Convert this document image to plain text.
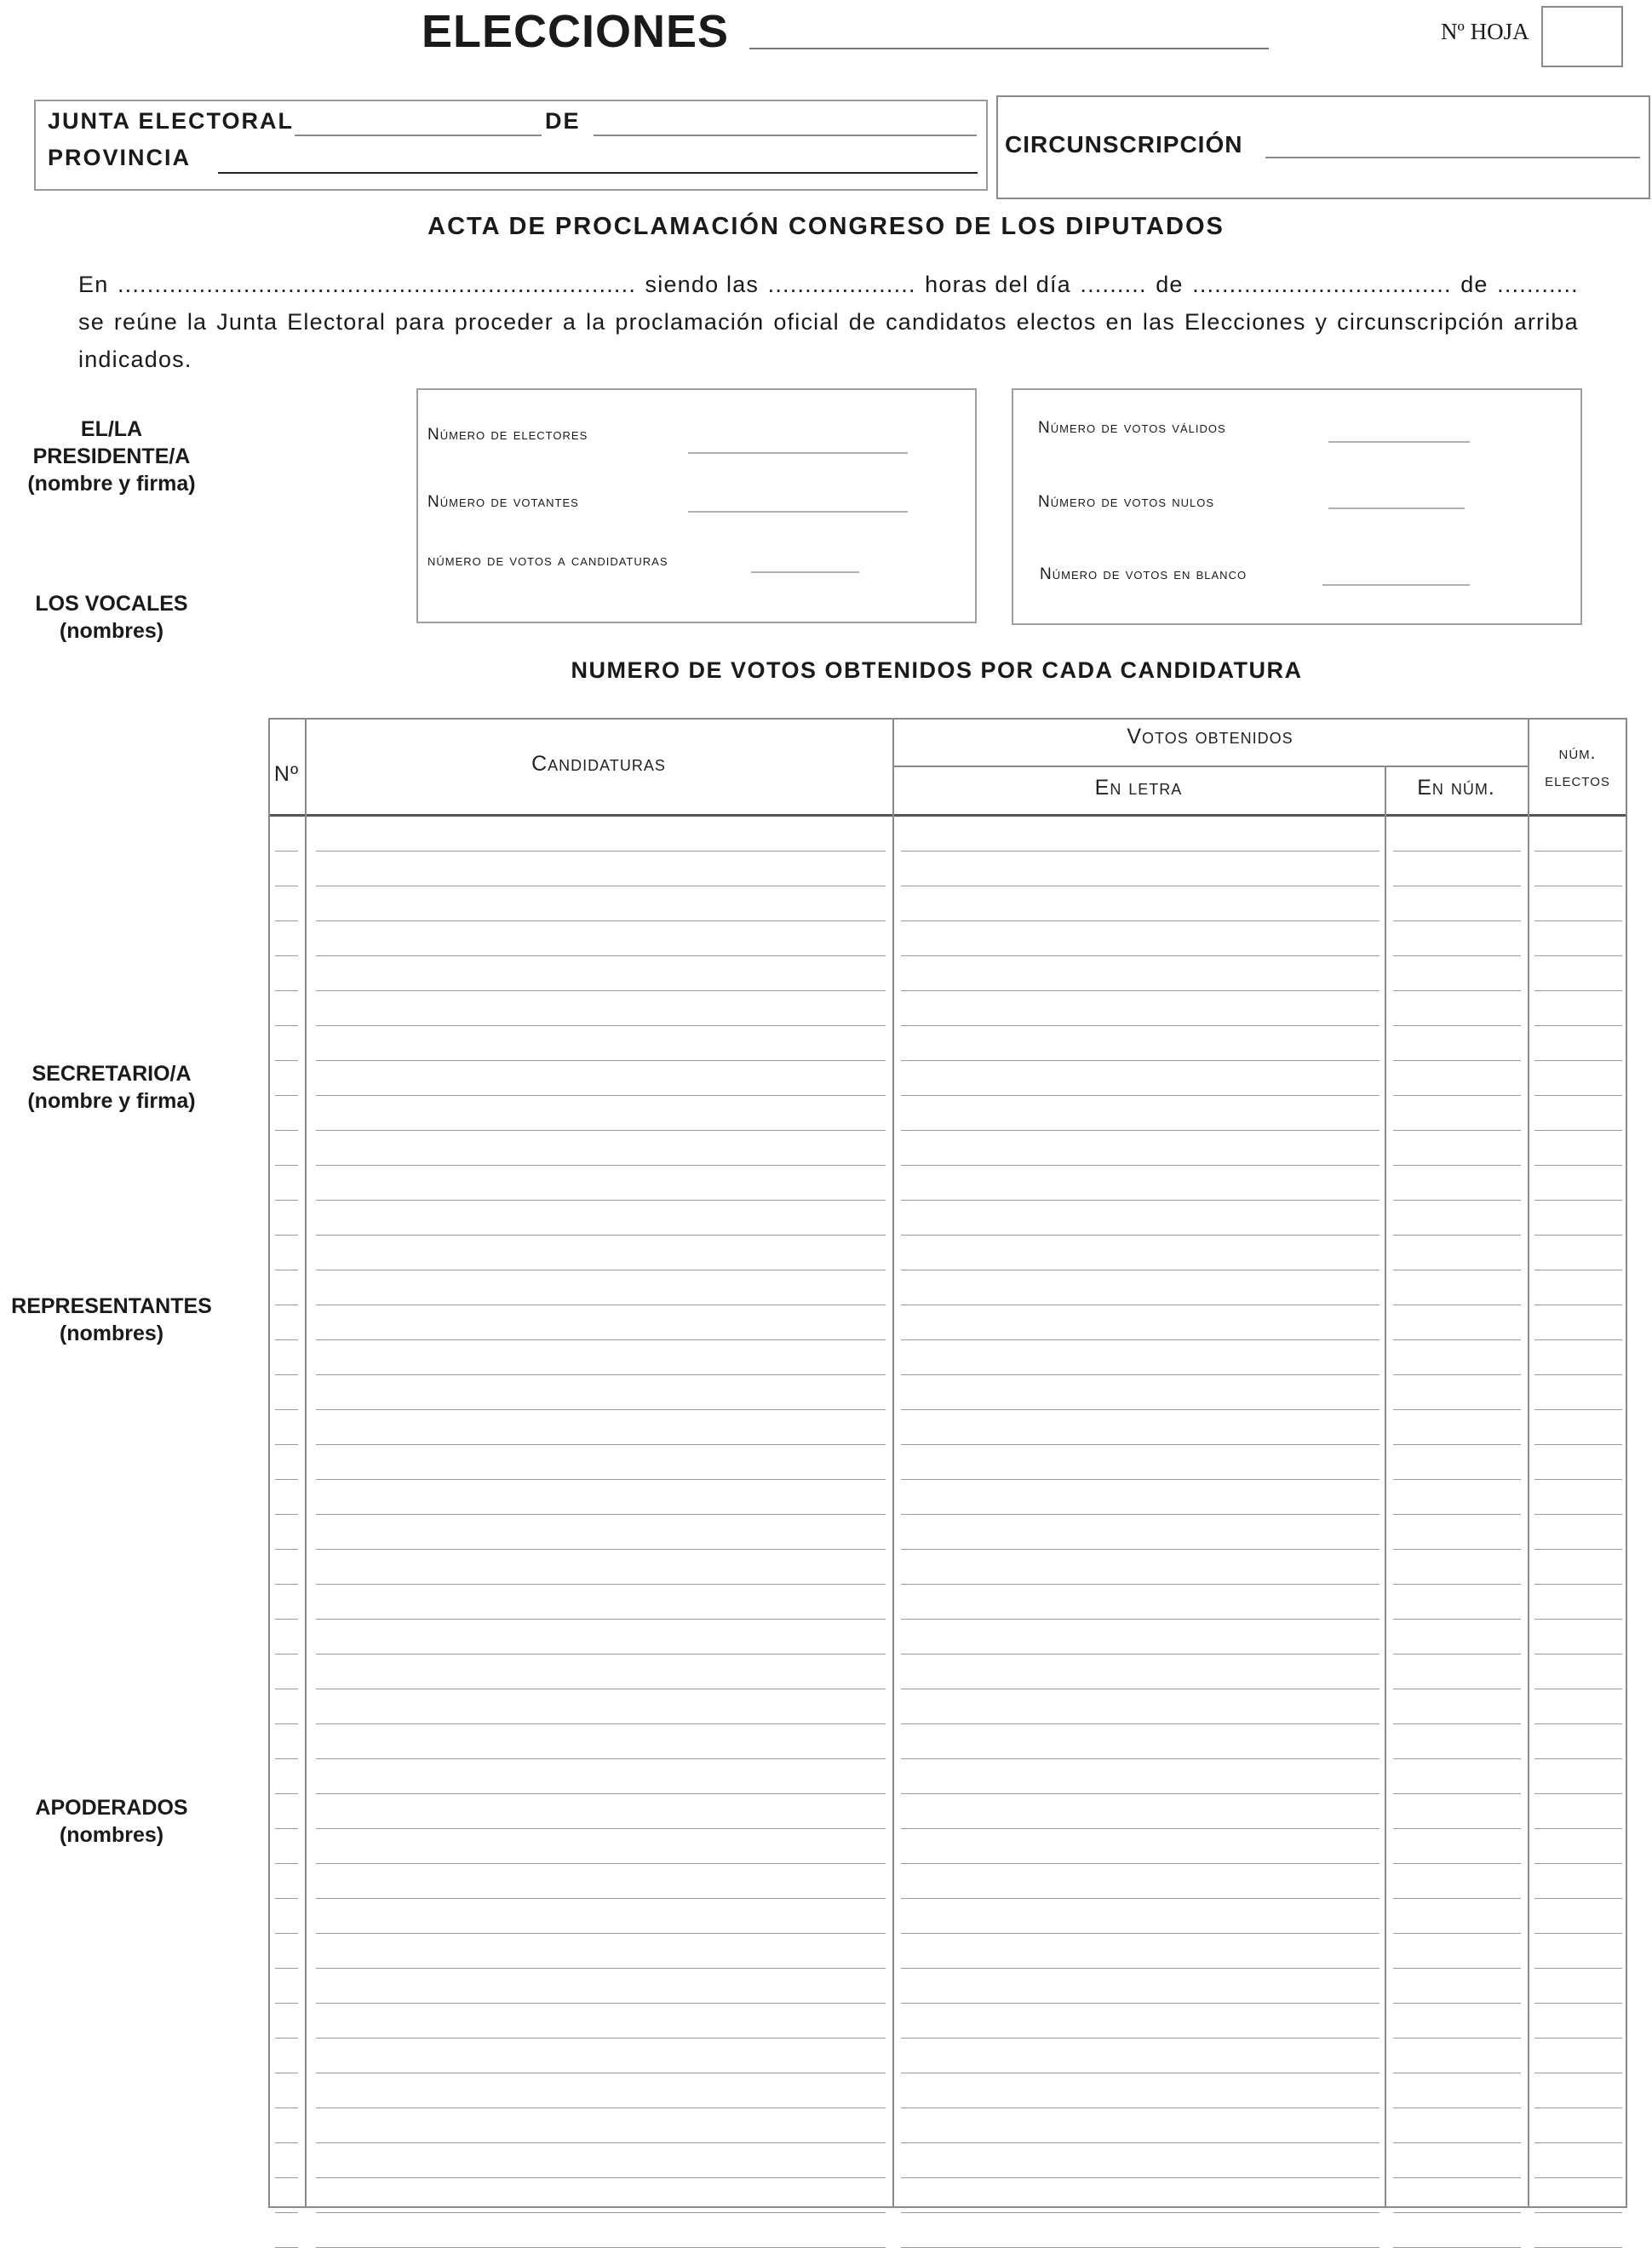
ELECCIONES	Nº HOJA
JUNTA ELECTORAL	DE
PROVINCIA	CIRCUNSCRIPCIÓN
ACTA DE PROCLAMACIÓN CONGRESO DE LOS DIPUTADOS
En ...................................................................... siendo las .................... horas del día ......... de ................................... de ...........
se reúne la Junta Electoral para proceder a la proclamación oficial de candidatos electos en las Elecciones y circunscripción arriba
indicados.
EL/LA PRESIDENTE/A
(nombre y firma)
LOS VOCALES
(nombres)
SECRETARIO/A
(nombre y firma)
REPRESENTANTES
(nombres)
APODERADOS
(nombres)
Número de electores
Número de votantes
número de votos a candidaturas
Número de votos válidos
Número de votos nulos
Número de votos en blanco
NUMERO DE VOTOS OBTENIDOS POR CADA CANDIDATURA
Nº	Candidaturas
Votos obtenidos
En letra	En núm.
núm.
electos
